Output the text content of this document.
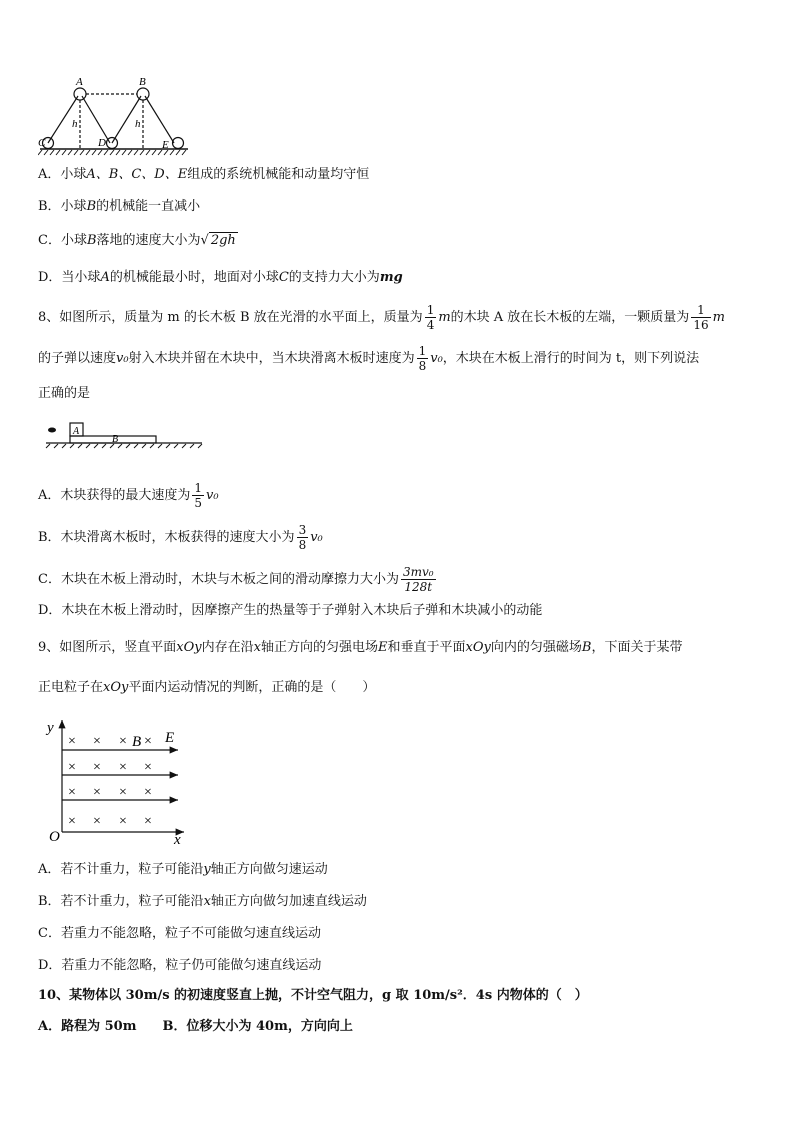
A	B
C	D	E
h	h
A．小球A、B、C、D、E组成的系统机械能和动量均守恒
B．小球B的机械能一直减小
C．小球B落地的速度大小为√ 2gh
D．当小球A的机械能最小时，地面对小球C的支持力大小为mg
8、如图所示，质量为 m 的长木板 B 放在光滑的水平面上，质量为 $\frac{1}{4}$ m的木块 A 放在长木板的左端，一颗质量为 $\frac{1}{16}$ m
的子弹以速度v₀射入木块并留在木块中，当木块滑离木板时速度为 $\frac{1}{8} v_0$，木块在木板上滑行的时间为 t，则下列说法
正确的是
A
B
A．木块获得的最大速度为 $\frac{1}{5} v_0$
B．木块滑离木板时，木板获得的速度大小为 $\frac{3}{8} v_0$
C．木块在木板上滑动时，木块与木板之间的滑动摩擦力大小为 $\frac{\text{3mv₀}}{128t}$
D．木块在木板上滑动时，因摩擦产生的热量等于子弹射入木块后子弹和木块减小的动能
9、如图所示，竖直平面xOy内存在沿x轴正方向的匀强电场E和垂直于平面xOy向内的匀强磁场B，下面关于某带
正电粒子在xOy平面内运动情况的判断，正确的是（　　）
y
O	x
B E
× × × ×
× × × ×
× × × ×
× × × ×
A．若不计重力，粒子可能沿y轴正方向做匀速运动
B．若不计重力，粒子可能沿x轴正方向做匀加速直线运动
C．若重力不能忽略，粒子不可能做匀速直线运动
D．若重力不能忽略，粒子仍可能做匀速直线运动
10、某物体以 30m/s 的初速度竖直上抛，不计空气阻力，g 取 10m/s²．4s 内物体的（　）
A．路程为 50m　　B．位移大小为 40m，方向向上
